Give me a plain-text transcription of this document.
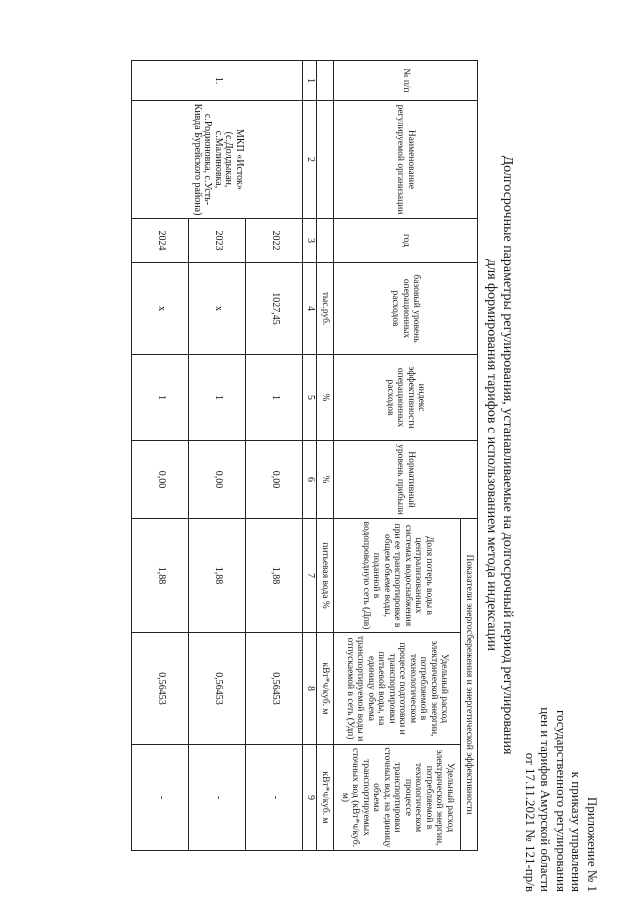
Приложение № 1
к приказу управления
государственного регулирования
цен и тарифов Амурской области
от 17.11.2021 № 121-пр/в
Долгосрочные параметры регулирования, устанавливаемые на долгосрочный период регулирования
для формирования тарифов с использованием метода индексации
№ п/п	Наименование регулируемой организации	год	базовый уровень операционных расходов	индекс эффективности операционных расходов	Нормативный уровень прибыли	Показатели энергосбережения и энергетической эффективности		
						Доля потерь воды в централизованных системах водоснабжения при ее транспортировке в общем объеме воды, поданной в водопроводную сеть (Дпв)	Удельный расход электрической энергии, потребляемой в технологическом процессе подготовки и транспортировки питьевой воды, на единицу объема транспортируемой воды и отпускаемой в сеть (Удп)	Удельный расход электрической энергии, потребляемой в технологическом процессе транспортировки сточных вод, на единицу объема транспортируемых сточных вод (кВт*ч/куб. м)
			тыс.руб.	%	%	питьевая вода %	кВт*ч/куб. м	кВт*ч/куб. м
1	2	3	4	5	6	7	8	9
1.	МКП «Исток» (с.Долдыкан, с.Малиновка, с.Родионовка, с.Усть-Кивда Бурейского района)	2022	1027,45	1	0,00	1,88	0,56453	-
		2023	x	1	0,00	1,88	0,56453	-
		2024	x	1	0,00	1,88	0,56453	-
